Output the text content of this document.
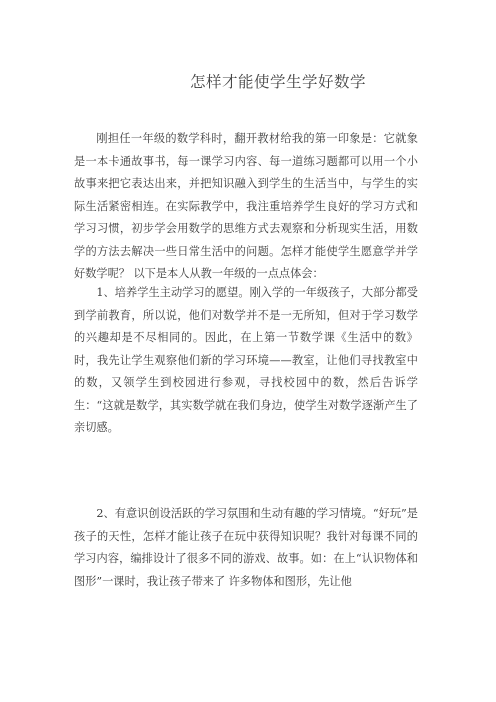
怎样才能使学生学好数学

刚担任一年级的数学科时，翻开教材给我的第一印象是：它就象是一本卡通故事书，每一课学习内容、每一道练习题都可以用一个小故事来把它表达出来，并把知识融入到学生的生活当中，与学生的实际生活紧密相连。在实际教学中，我注重培养学生良好的学习方式和学习习惯，初步学会用数学的思维方式去观察和分析现实生活，用数学的方法去解决一些日常生活中的问题。怎样才能使学生愿意学并学好数学呢？ 以下是本人从教一年级的一点点体会：

1、培养学生主动学习的愿望。刚入学的一年级孩子，大部分都受到学前教育，所以说，他们对数学并不是一无所知，但对于学习数学的兴趣却是不尽相同的。因此，在上第一节数学课《生活中的数》时，我先让学生观察他们新的学习环境——教室，让他们寻找教室中的数，又领学生到校园进行参观，寻找校园中的数，然后告诉学生：“这就是数学，其实数学就在我们身边，使学生对数学逐渐产生了亲切感。

2、有意识创设活跃的学习氛围和生动有趣的学习情境。“好玩”是孩子的天性，怎样才能让孩子在玩中获得知识呢？我针对每课不同的学习内容，编排设计了很多不同的游戏、故事。如：在上“认识物体和图形”一课时，我让孩子带来了 许多物体和图形，先让他
